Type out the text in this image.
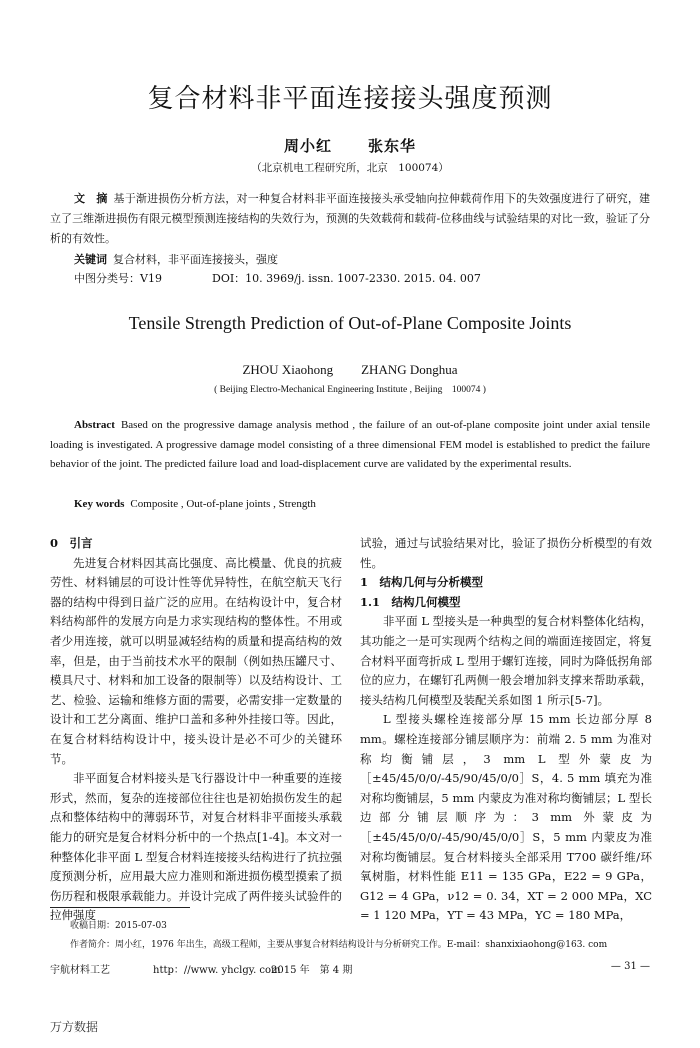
复合材料非平面连接接头强度预测
周小红 张东华
（北京机电工程研究所，北京　100074）
文　摘 基于渐进损伤分析方法，对一种复合材料非平面连接接头承受轴向拉伸载荷作用下的失效强度进行了研究，建立了三维渐进损伤有限元模型预测连接结构的失效行为，预测的失效载荷和载荷-位移曲线与试验结果的对比一致，验证了分析的有效性。
关键词 复合材料，非平面连接接头，强度
中图分类号：V19	DOI：10. 3969/j. issn. 1007-2330. 2015. 04. 007
Tensile Strength Prediction of Out-of-Plane Composite Joints
ZHOU Xiaohong ZHANG Donghua
( Beijing Electro-Mechanical Engineering Institute , Beijing　100074 )
Abstract Based on the progressive damage analysis method , the failure of an out-of-plane composite joint under axial tensile loading is investigated. A progressive damage model consisting of a three dimensional FEM model is established to predict the failure behavior of the joint. The predicted failure load and load-displacement curve are validated by the experimental results.
Key words Composite , Out-of-plane joints , Strength
0　引言

先进复合材料因其高比强度、高比模量、优良的抗疲劳性、材料铺层的可设计性等优异特性，在航空航天飞行器的结构中得到日益广泛的应用。在结构设计中，复合材料结构部件的发展方向是力求实现结构的整体性。不用或者少用连接，就可以明显减轻结构的质量和提高结构的效率，但是，由于当前技术水平的限制（例如热压罐尺寸、模具尺寸、材料和加工设备的限制等）以及结构设计、工艺、检验、运输和维修方面的需要，必需安排一定数量的设计和工艺分离面、维护口盖和多种外挂接口等。因此，在复合材料结构设计中，接头设计是必不可少的关键环节。

非平面复合材料接头是飞行器设计中一种重要的连接形式，然而，复杂的连接部位往往也是初始损伤发生的起点和整体结构中的薄弱环节，对复合材料非平面接头承载能力的研究是复合材料分析中的一个热点[1-4]。本文对一种整体化非平面 L 型复合材料连接接头结构进行了抗拉强度预测分析，应用最大应力准则和渐进损伤模型摸索了损伤历程和极限承载能力。并设计完成了两件接头试验件的拉伸强度

试验，通过与试验结果对比，验证了损伤分析模型的有效性。

1　结构几何与分析模型
1.1　结构几何模型

非平面 L 型接头是一种典型的复合材料整体化结构，其功能之一是可实现两个结构之间的端面连接固定，将复合材料平面弯折成 L 型用于螺钉连接，同时为降低拐角部位的应力，在螺钉孔两侧一般会增加斜支撑来帮助承载，接头结构几何模型及装配关系如图 1 所示[5-7]。

L 型接头螺栓连接部分厚 15 mm 长边部分厚 8 mm。螺栓连接部分铺层顺序为：前端 2. 5 mm 为准对称均衡铺层，3 mm L 型外蒙皮为［±45/45/0/0/-45/90/45/0/0］S，4. 5 mm 填充为准对称均衡铺层，5 mm 内蒙皮为准对称均衡铺层；L 型长边部分铺层顺序为：3 mm 外蒙皮为［±45/45/0/0/-45/90/45/0/0］S，5 mm 内蒙皮为准对称均衡铺层。复合材料接头全部采用 T700 碳纤维/环氧树脂，材料性能 E11 = 135 GPa，E22 = 9 GPa，G12 = 4 GPa，ν12 = 0. 34，XT = 2 000 MPa，XC = 1 120 MPa，YT = 43 MPa，YC = 180 MPa，

收稿日期：2015-07-03
作者简介：周小红，1976 年出生，高级工程师，主要从事复合材料结构设计与分析研究工作。E-mail：shanxixiaohong@163. com
宇航材料工艺	http：//www. yhclgy. com
2015 年　第 4 期	— 31 —
万方数据
